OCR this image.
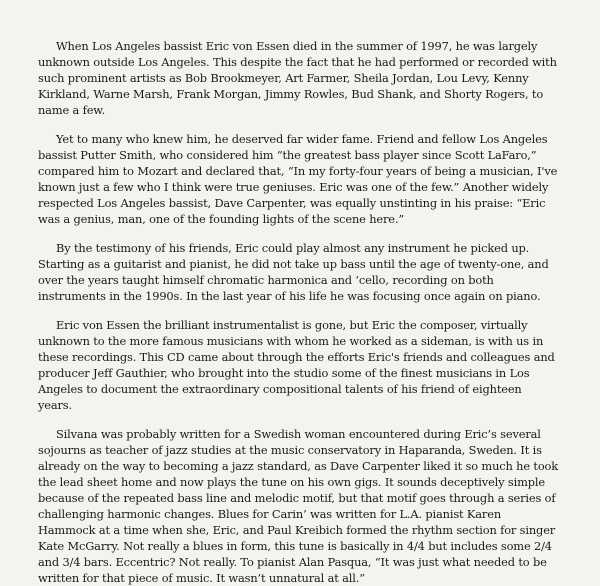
When Los Angeles bassist Eric von Essen died in the summer of 1997, he was largely unknown outside Los Angeles. This despite the fact that he had performed or recorded with such prominent artists as Bob Brookmeyer, Art Farmer, Sheila Jordan, Lou Levy, Kenny Kirkland, Warne Marsh, Frank Morgan, Jimmy Rowles, Bud Shank, and Shorty Rogers, to name a few.

Yet to many who knew him, he deserved far wider fame. Friend and fellow Los Angeles bassist Putter Smith, who considered him “the greatest bass player since Scott LaFaro,” compared him to Mozart and declared that, “In my forty-four years of being a musician, I've known just a few who I think were true geniuses. Eric was one of the few.” Another widely respected Los Angeles bassist, Dave Carpenter, was equally unstinting in his praise: “Eric was a genius, man, one of the founding lights of the scene here.”

By the testimony of his friends, Eric could play almost any instrument he picked up. Starting as a guitarist and pianist, he did not take up bass until the age of twenty-one, and over the years taught himself chromatic harmonica and ‘cello, recording on both instruments in the 1990s. In the last year of his life he was focusing once again on piano.

Eric von Essen the brilliant instrumentalist is gone, but Eric the composer, virtually unknown to the more famous musicians with whom he worked as a sideman, is with us in these recordings. This CD came about through the efforts Eric's friends and colleagues and producer Jeff Gauthier, who brought into the studio some of the finest musicians in Los Angeles to document the extraordinary compositional talents of his friend of eighteen years.

Silvana was probably written for a Swedish woman encountered during Eric’s several sojourns as teacher of jazz studies at the music conservatory in Haparanda, Sweden. It is already on the way to becoming a jazz standard, as Dave Carpenter liked it so much he took the lead sheet home and now plays the tune on his own gigs. It sounds deceptively simple because of the repeated bass line and melodic motif, but that motif goes through a series of challenging harmonic changes. Blues for Carin’ was written for L.A. pianist Karen Hammock at a time when she, Eric, and Paul Kreibich formed the rhythm section for singer Kate McGarry. Not really a blues in form, this tune is basically in 4/4 but includes some 2/4 and 3/4 bars. Eccentric? Not really. To pianist Alan Pasqua, “It was just what needed to be written for that piece of music. It wasn’t unnatural at all.”
